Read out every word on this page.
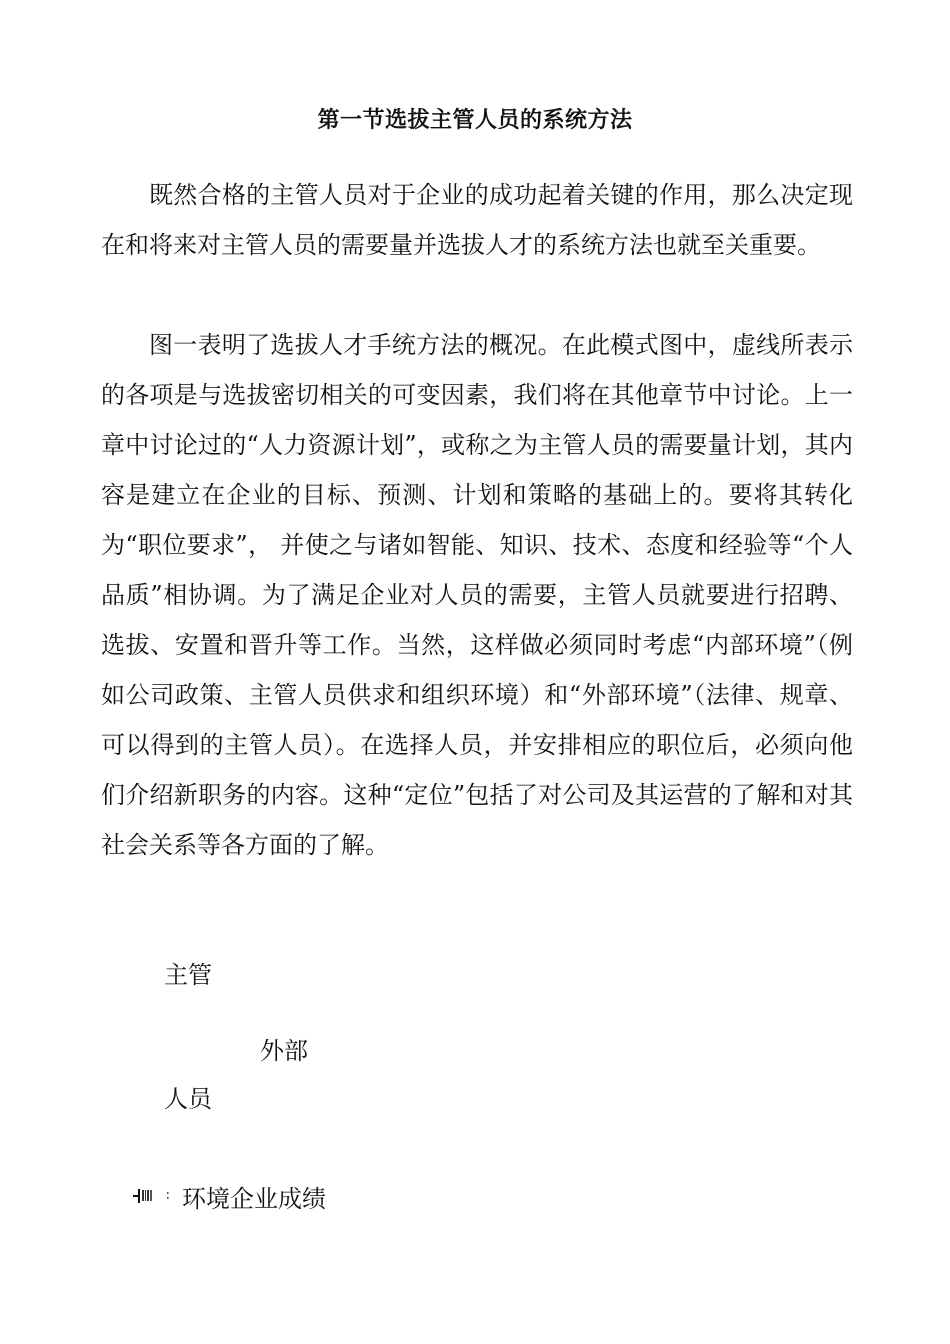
第一节选拔主管人员的系统方法

既然合格的主管人员对于企业的成功起着关键的作用，那么决定现在和将来对主管人员的需要量并选拔人才的系统方法也就至关重要。

图一表明了选拔人才手统方法的概况。在此模式图中，虚线所表示的各项是与选拔密切相关的可变因素，我们将在其他章节中讨论。上一章中讨论过的“人力资源计划”，或称之为主管人员的需要量计划，其内容是建立在企业的目标、预测、计划和策略的基础上的。要将其转化为“职位要求”， 并使之与诸如智能、知识、技术、态度和经验等“个人品质”相协调。为了满足企业对人员的需要，主管人员就要进行招聘、选拔、安置和晋升等工作。当然，这样做必须同时考虑“内部环境”（例如公司政策、主管人员供求和组织环境）和“外部环境”（法律、规章、可以得到的主管人员）。在选择人员，并安排相应的职位后，必须向他们介绍新职务的内容。这种“定位”包括了对公司及其运营的了解和对其社会关系等各方面的了解。

主管
外部
人员
环境企业成绩
